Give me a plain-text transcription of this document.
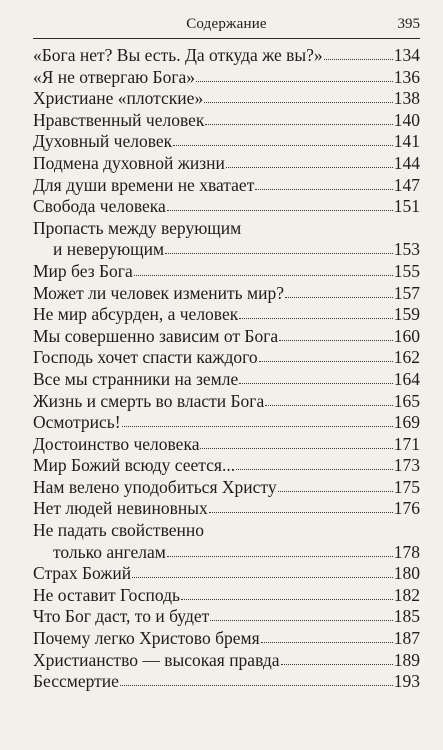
Содержание	395
«Бога нет? Вы есть. Да откуда же вы?»	134
«Я не отвергаю Бога»	136
Христиане «плотские»	138
Нравственный человек	140
Духовный человек	141
Подмена духовной жизни	144
Для души времени не хватает	147
Свобода человека	151
Пропасть между верующим
и неверующим	153
Мир без Бога	155
Может ли человек изменить мир?	157
Не мир абсурден, а человек	159
Мы совершенно зависим от Бога	160
Господь хочет спасти каждого	162
Все мы странники на земле	164
Жизнь и смерть во власти Бога	165
Осмотрись!	169
Достоинство человека	171
Мир Божий всюду сеется...	173
Нам велено уподобиться Христу	175
Нет людей невиновных	176
Не падать свойственно
только ангелам	178
Страх Божий	180
Не оставит Господь	182
Что Бог даст, то и будет	185
Почему легко Христово бремя	187
Христианство — высокая правда	189
Бессмертие	193
